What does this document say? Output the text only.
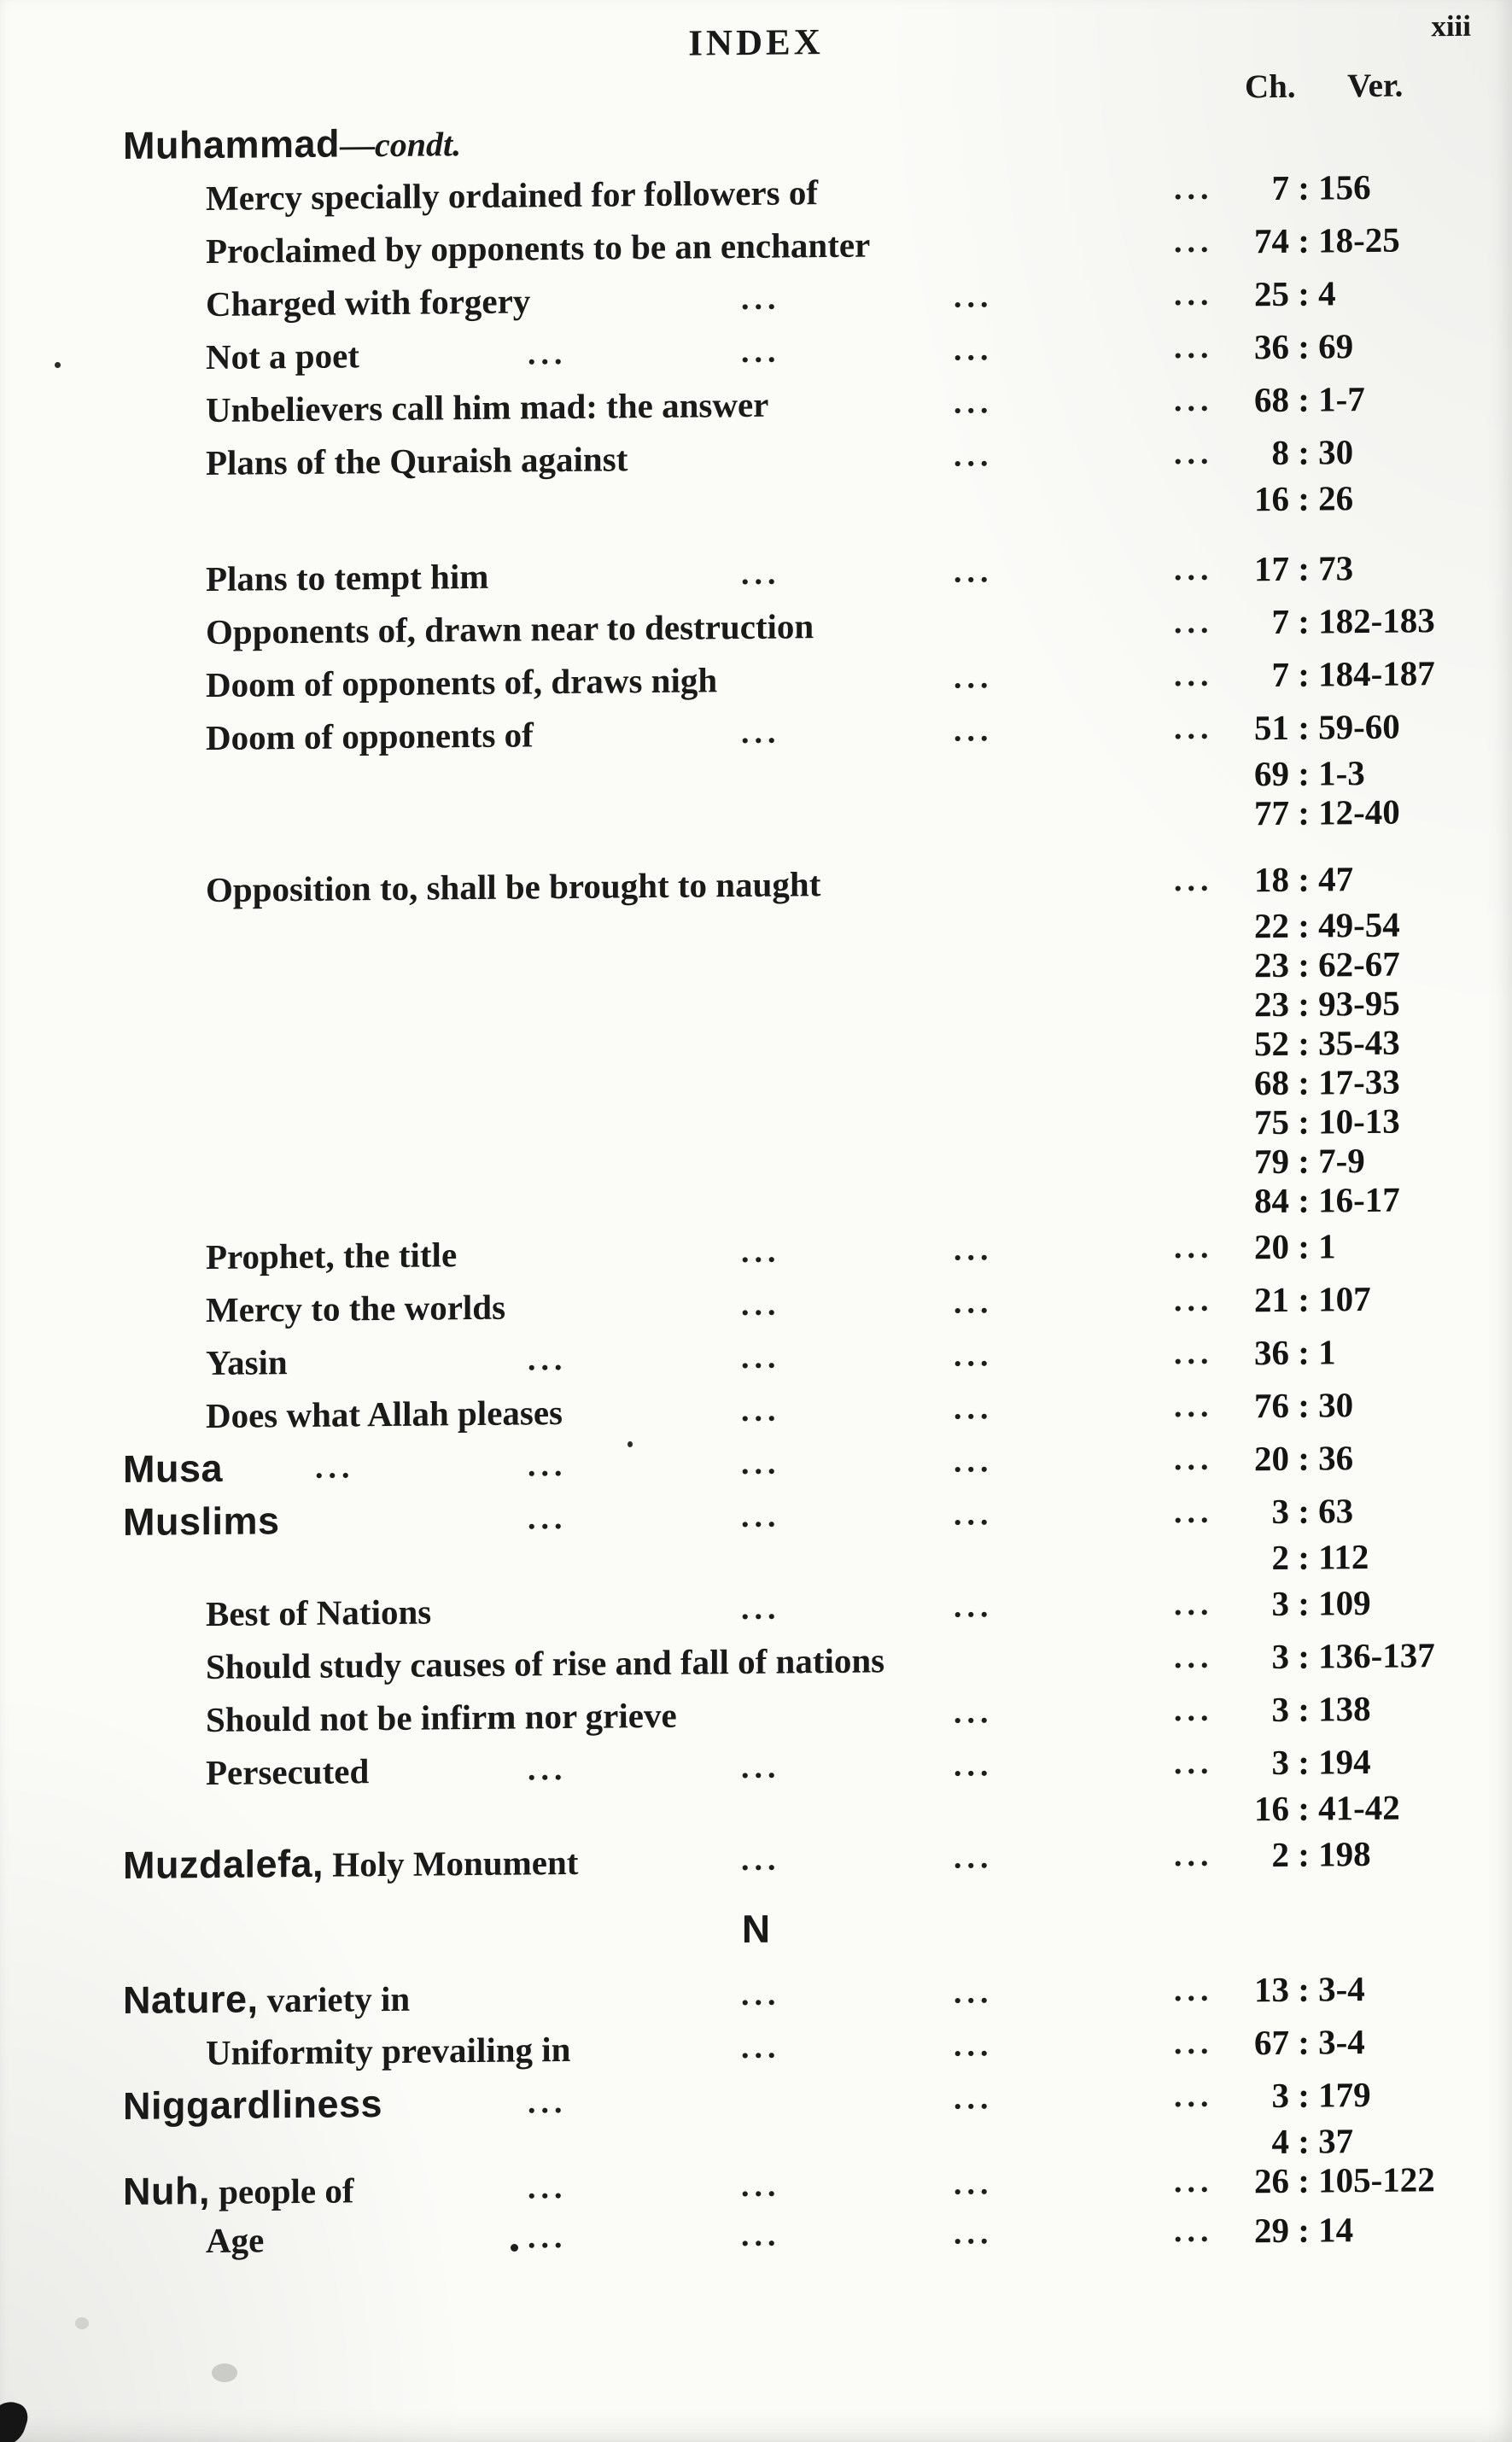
INDEX	xiii
Ch. Ver.
Muhammad—condt.
Mercy specially ordained for followers of	...	7 : 156
Proclaimed by opponents to be an enchanter	...	74 : 18-25
Charged with forgery	...	...	...	25 : 4
Not a poet	...	...	...	...	36 : 69
Unbelievers call him mad: the answer	...	...	68 : 1-7
Plans of the Quraish against	...	...	8 : 30
16 : 26
Plans to tempt him	...	...	...	17 : 73
Opponents of, drawn near to destruction	...	7 : 182-183
Doom of opponents of, draws nigh	...	...	7 : 184-187
Doom of opponents of	...	...	...	51 : 59-60
69 : 1-3
77 : 12-40
Opposition to, shall be brought to naught	...	18 : 47
22 : 49-54
23 : 62-67
23 : 93-95
52 : 35-43
68 : 17-33
75 : 10-13
79 : 7-9
84 : 16-17
Prophet, the title	...	...	...	20 : 1
Mercy to the worlds	...	...	...	21 : 107
Yasin	...	...	...	...	36 : 1
Does what Allah pleases	...	...	...	76 : 30
Musa	...	...	...	...	...	20 : 36
Muslims	...	...	...	...	3 : 63
2 : 112
Best of Nations	...	...	...	3 : 109
Should study causes of rise and fall of nations	...	3 : 136-137
Should not be infirm nor grieve	...	...	3 : 138
Persecuted	...	...	...	...	3 : 194
16 : 41-42
Muzdalefa, Holy Monument	...	...	...	2 : 198
N
Nature, variety in	...	...	...	13 : 3-4
Uniformity prevailing in	...	...	...	67 : 3-4
Niggardliness	...	...	...	3 : 179
4 : 37
Nuh, people of	...	...	...	...	26 : 105-122
Age	...	...	...	...	29 : 14
